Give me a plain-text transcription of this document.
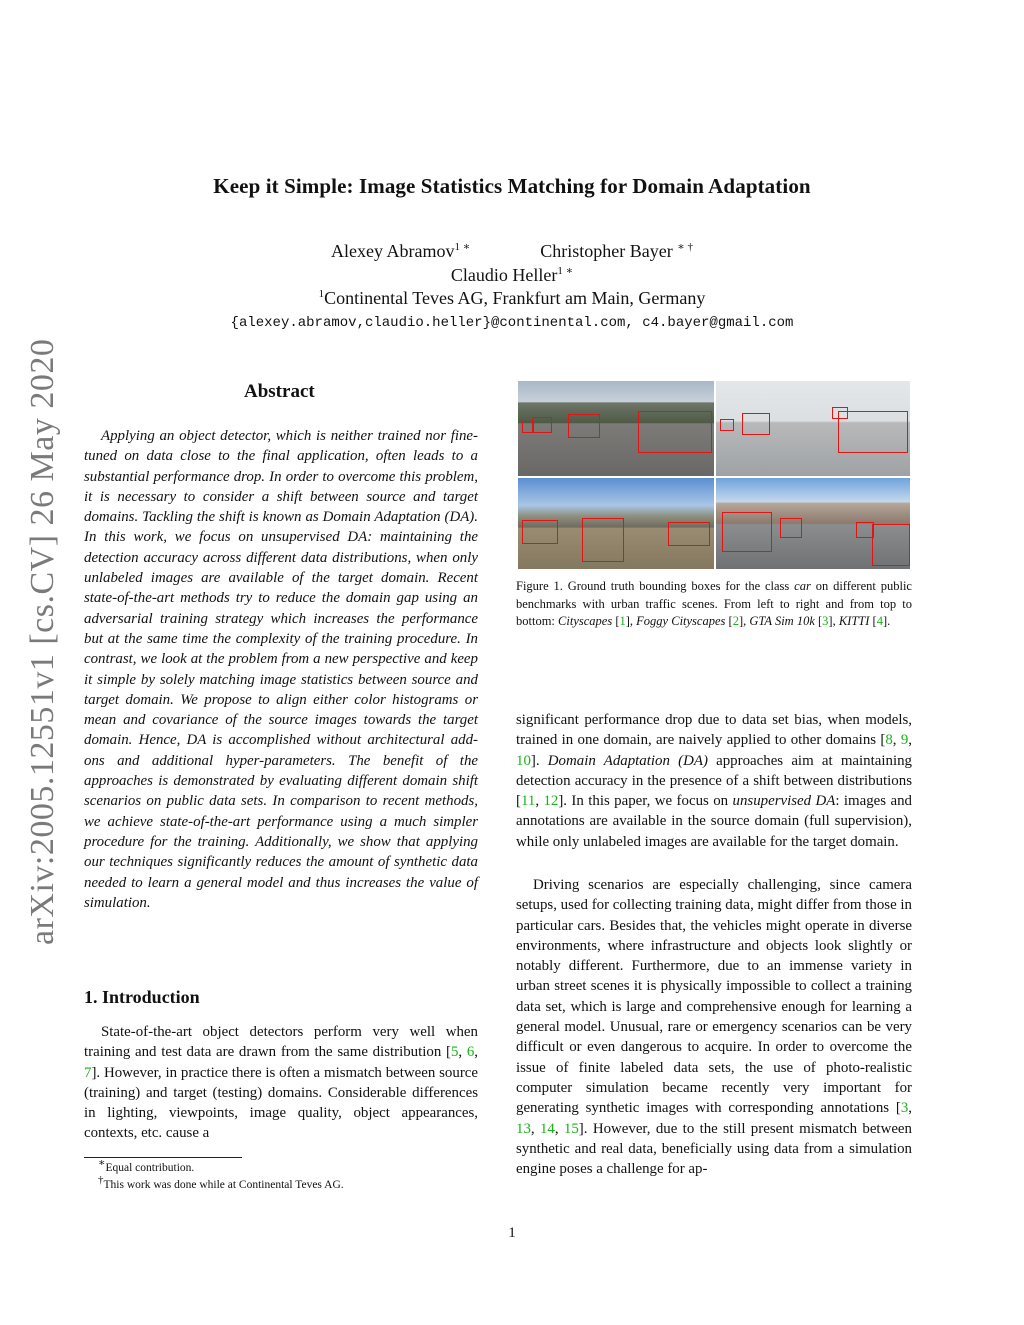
arXiv:2005.12551v1 [cs.CV] 26 May 2020
Keep it Simple: Image Statistics Matching for Domain Adaptation
Alexey Abramov$^{1 ∗}$	Christopher Bayer ∗ †
Claudio Heller$^{1 ∗}$
$^1$Continental Teves AG, Frankfurt am Main, Germany
{alexey.abramov,claudio.heller}@continental.com, c4.bayer@gmail.com
Abstract

Applying an object detector, which is neither trained nor fine-tuned on data close to the final application, often leads to a substantial performance drop. In order to overcome this problem, it is necessary to consider a shift between source and target domains. Tackling the shift is known as Domain Adaptation (DA). In this work, we focus on unsupervised DA: maintaining the detection accuracy across different data distributions, when only unlabeled images are available of the target domain. Recent state-of-the-art methods try to reduce the domain gap using an adversarial training strategy which increases the performance but at the same time the complexity of the training procedure. In contrast, we look at the problem from a new perspective and keep it simple by solely matching image statistics between source and target domain. We propose to align either color histograms or mean and covariance of the source images towards the target domain. Hence, DA is accomplished without architectural add-ons and additional hyper-parameters. The benefit of the approaches is demonstrated by evaluating different domain shift scenarios on public data sets. In comparison to recent methods, we achieve state-of-the-art performance using a much simpler procedure for the training. Additionally, we show that applying our techniques significantly reduces the amount of synthetic data needed to learn a general model and thus increases the value of simulation.

1. Introduction

State-of-the-art object detectors perform very well when training and test data are drawn from the same distribution [5, 6, 7]. However, in practice there is often a mismatch between source (training) and target (testing) domains. Considerable differences in lighting, viewpoints, image quality, object appearances, contexts, etc. cause a

∗Equal contribution.
†This work was done while at Continental Teves AG.
Figure 1. Ground truth bounding boxes for the class car on different public benchmarks with urban traffic scenes. From left to right and from top to bottom: Cityscapes [1], Foggy Cityscapes [2], GTA Sim 10k [3], KITTI [4].

significant performance drop due to data set bias, when models, trained in one domain, are naively applied to other domains [8, 9, 10]. Domain Adaptation (DA) approaches aim at maintaining detection accuracy in the presence of a shift between distributions [11, 12]. In this paper, we focus on unsupervised DA: images and annotations are available in the source domain (full supervision), while only unlabeled images are available for the target domain.

Driving scenarios are especially challenging, since camera setups, used for collecting training data, might differ from those in particular cars. Besides that, the vehicles might operate in diverse environments, where infrastructure and objects look slightly or notably different. Furthermore, due to an immense variety in urban street scenes it is physically impossible to collect a training data set, which is large and comprehensive enough for learning a general model. Unusual, rare or emergency scenarios can be very difficult or even dangerous to acquire. In order to overcome the issue of finite labeled data sets, the use of photo-realistic computer simulation became recently very important for generating synthetic images with corresponding annotations [3, 13, 14, 15]. However, due to the still present mismatch between synthetic and real data, beneficially using data from a simulation engine poses a challenge for ap-

1
